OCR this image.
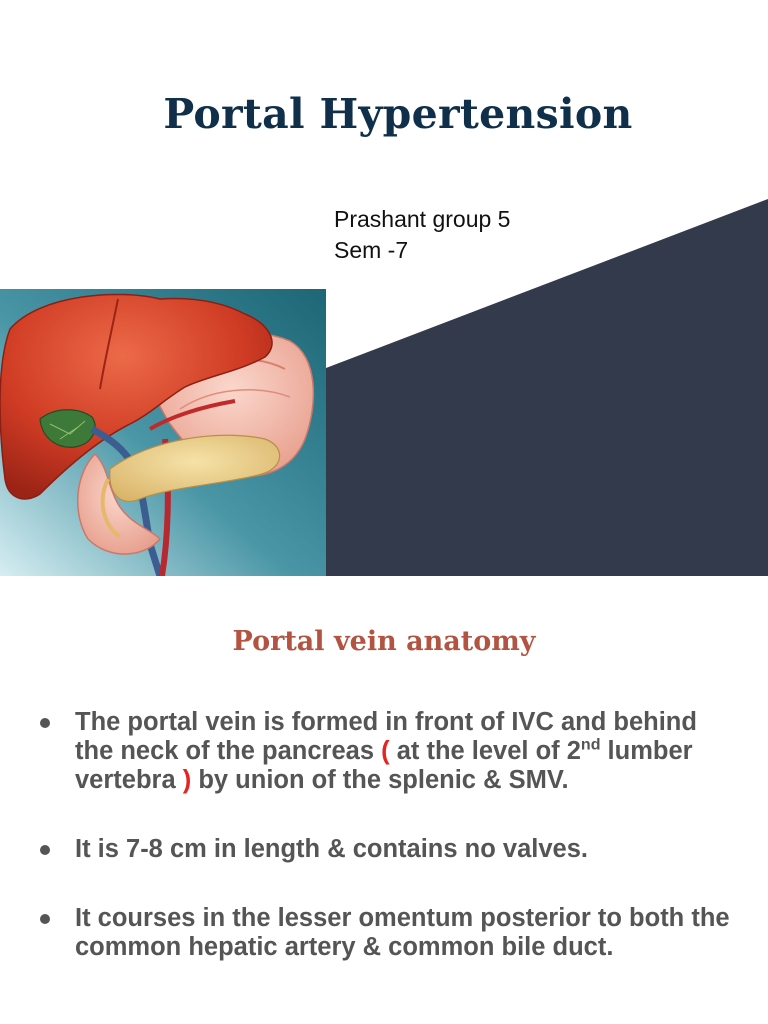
Portal Hypertension
Prashant group 5
Sem -7
Portal vein anatomy
The portal vein is formed in front of IVC and behind the neck of the pancreas ( at the level of 2nd lumber vertebra ) by union of the splenic & SMV.
It is 7-8 cm in length & contains no valves.
It courses in the lesser omentum posterior to both the common hepatic artery & common bile duct.
